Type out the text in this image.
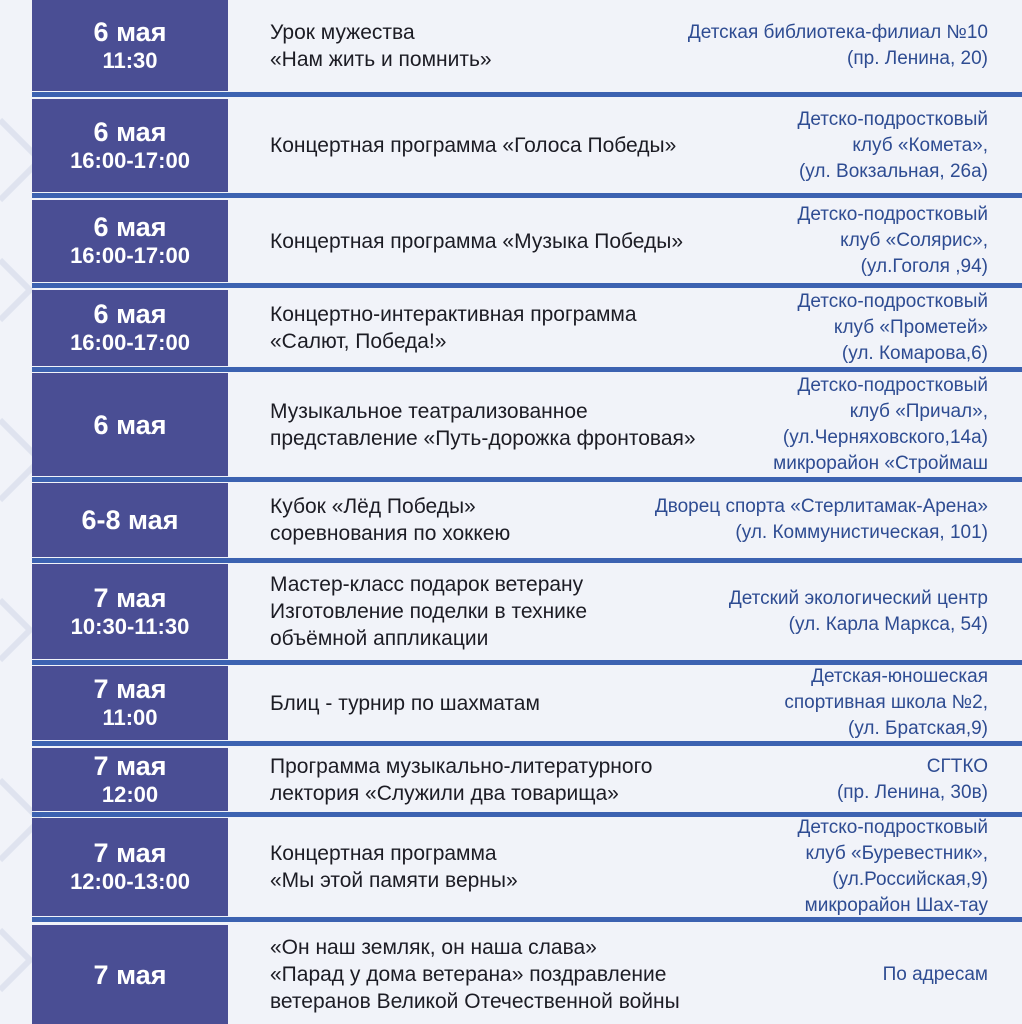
6 мая
11:30
Урок мужества
«Нам жить и помнить»
Детская библиотека-филиал №10
(пр. Ленина, 20)
6 мая
16:00-17:00
Концертная программа «Голоса Победы»
Детско-подростковый
клуб «Комета»,
(ул. Вокзальная, 26а)
6 мая
16:00-17:00
Концертная программа «Музыка Победы»
Детско-подростковый
клуб «Солярис»,
(ул.Гоголя ,94)
6 мая
16:00-17:00
Концертно-интерактивная программа
«Салют, Победа!»
Детско-подростковый
клуб «Прометей»
(ул. Комарова,6)
6 мая	Музыкальное театрализованное
представление «Путь-дорожка фронтовая»
Детско-подростковый
клуб «Причал»,
(ул.Черняховского,14а)
микрорайон «Строймаш
6-8 мая	Кубок «Лёд Победы»
соревнования по хоккею
Дворец спорта «Стерлитамак-Арена»
(ул. Коммунистическая, 101)
7 мая
10:30-11:30
Мастер-класс подарок ветерану
Изготовление поделки в технике
объёмной аппликации
Детский экологический центр
(ул. Карла Маркса, 54)
7 мая
11:00
Блиц - турнир по шахматам
Детская-юношеская
спортивная школа №2,
(ул. Братская,9)
7 мая
12:00
Программа музыкально-литературного
лектория «Служили два товарища»
СГТКО
(пр. Ленина, 30в)
7 мая
12:00-13:00
Концертная программа
«Мы этой памяти верны»
Детско-подростковый
клуб «Буревестник»,
(ул.Российская,9)
микрорайон Шах-тау
7 мая
«Он наш земляк, он наша слава»
«Парад у дома ветерана» поздравление
ветеранов Великой Отечественной войны
По адресам
